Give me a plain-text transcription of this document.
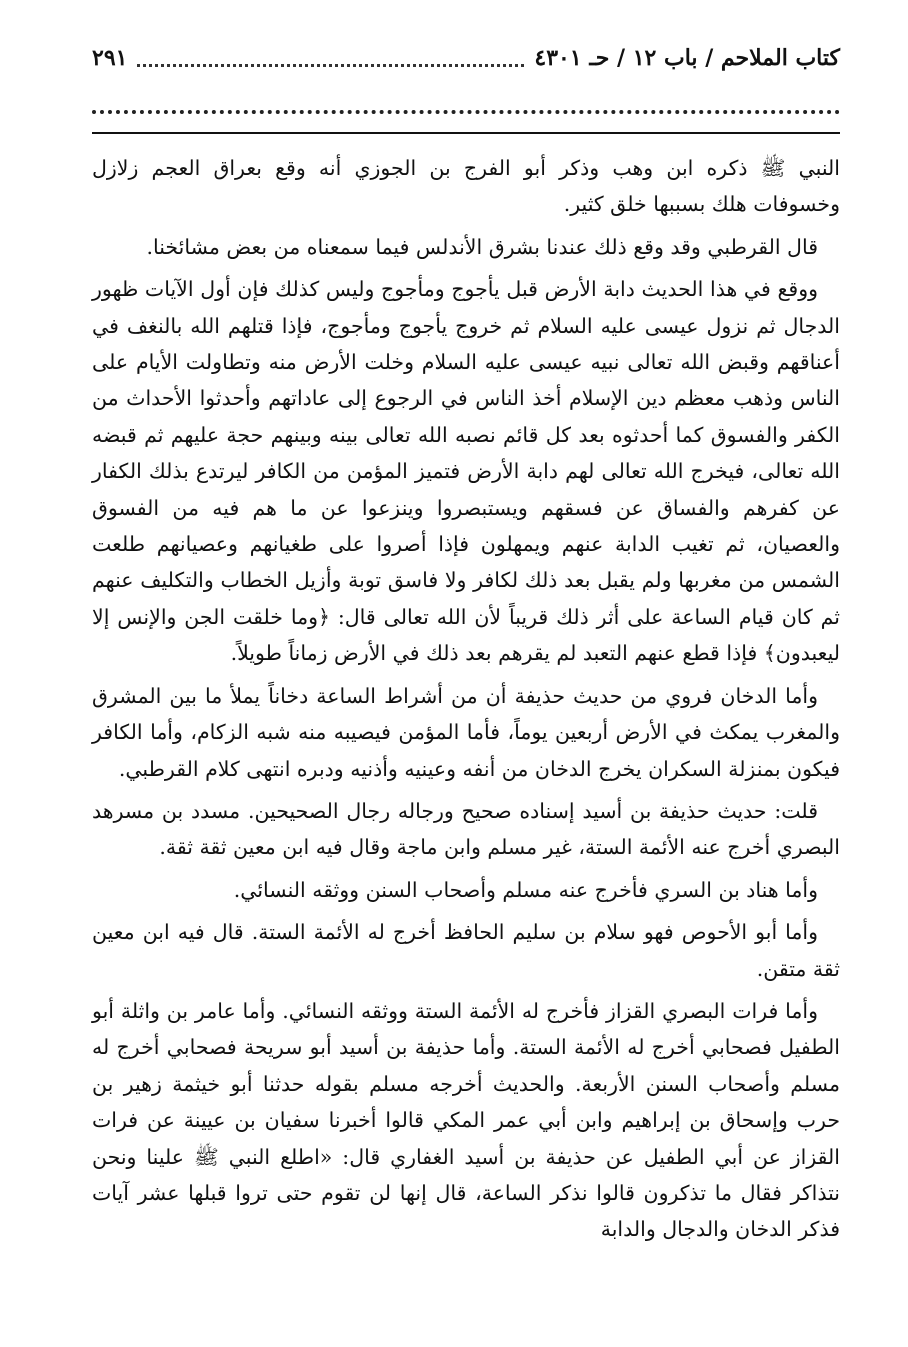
كتاب الملاحم / باب ١٢ / حـ ٤٣٠١
٢٩١

النبي ﷺ ذكره ابن وهب وذكر أبو الفرج بن الجوزي أنه وقع بعراق العجم زلازل وخسوفات هلك بسببها خلق كثير.

قال القرطبي وقد وقع ذلك عندنا بشرق الأندلس فيما سمعناه من بعض مشائخنا.

ووقع في هذا الحديث دابة الأرض قبل يأجوج ومأجوج وليس كذلك فإن أول الآيات ظهور الدجال ثم نزول عيسى عليه السلام ثم خروج يأجوج ومأجوج، فإذا قتلهم الله بالنغف في أعناقهم وقبض الله تعالى نبيه عيسى عليه السلام وخلت الأرض منه وتطاولت الأيام على الناس وذهب معظم دين الإسلام أخذ الناس في الرجوع إلى عاداتهم وأحدثوا الأحداث من الكفر والفسوق كما أحدثوه بعد كل قائم نصبه الله تعالى بينه وبينهم حجة عليهم ثم قبضه الله تعالى، فيخرج الله تعالى لهم دابة الأرض فتميز المؤمن من الكافر ليرتدع بذلك الكفار عن كفرهم والفساق عن فسقهم ويستبصروا وينزعوا عن ما هم فيه من الفسوق والعصيان، ثم تغيب الدابة عنهم ويمهلون فإذا أصروا على طغيانهم وعصيانهم طلعت الشمس من مغربها ولم يقبل بعد ذلك لكافر ولا فاسق توبة وأزيل الخطاب والتكليف عنهم ثم كان قيام الساعة على أثر ذلك قريباً لأن الله تعالى قال: ﴿وما خلقت الجن والإنس إلا ليعبدون﴾ فإذا قطع عنهم التعبد لم يقرهم بعد ذلك في الأرض زماناً طويلاً.

وأما الدخان فروي من حديث حذيفة أن من أشراط الساعة دخاناً يملأ ما بين المشرق والمغرب يمكث في الأرض أربعين يوماً، فأما المؤمن فيصيبه منه شبه الزكام، وأما الكافر فيكون بمنزلة السكران يخرج الدخان من أنفه وعينيه وأذنيه ودبره انتهى كلام القرطبي.

قلت: حديث حذيفة بن أسيد إسناده صحيح ورجاله رجال الصحيحين. مسدد بن مسرهد البصري أخرج عنه الأئمة الستة، غير مسلم وابن ماجة وقال فيه ابن معين ثقة ثقة.

وأما هناد بن السري فأخرج عنه مسلم وأصحاب السنن ووثقه النسائي.

وأما أبو الأحوص فهو سلام بن سليم الحافظ أخرج له الأئمة الستة. قال فيه ابن معين ثقة متقن.

وأما فرات البصري القزاز فأخرج له الأئمة الستة ووثقه النسائي. وأما عامر بن واثلة أبو الطفيل فصحابي أخرج له الأئمة الستة. وأما حذيفة بن أسيد أبو سريحة فصحابي أخرج له مسلم وأصحاب السنن الأربعة. والحديث أخرجه مسلم بقوله حدثنا أبو خيثمة زهير بن حرب وإسحاق بن إبراهيم وابن أبي عمر المكي قالوا أخبرنا سفيان بن عيينة عن فرات القزاز عن أبي الطفيل عن حذيفة بن أسيد الغفاري قال: «اطلع النبي ﷺ علينا ونحن نتذاكر فقال ما تذكرون قالوا نذكر الساعة، قال إنها لن تقوم حتى تروا قبلها عشر آيات فذكر الدخان والدجال والدابة
